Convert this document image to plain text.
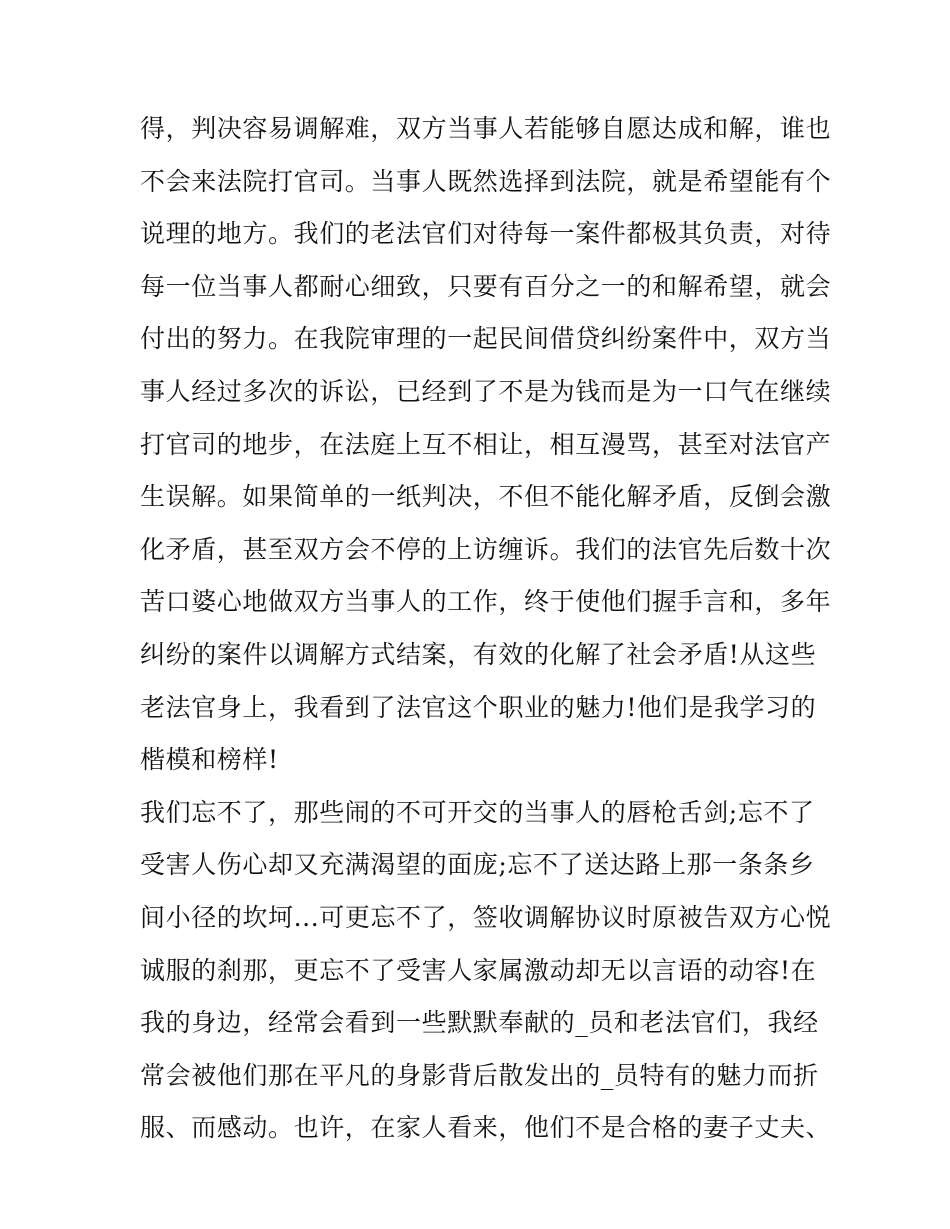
得，判决容易调解难，双方当事人若能够自愿达成和解，谁也
不会来法院打官司。当事人既然选择到法院，就是希望能有个
说理的地方。我们的老法官们对待每一案件都极其负责，对待
每一位当事人都耐心细致，只要有百分之一的和解希望，就会
付出的努力。在我院审理的一起民间借贷纠纷案件中，双方当
事人经过多次的诉讼，已经到了不是为钱而是为一口气在继续
打官司的地步，在法庭上互不相让，相互漫骂，甚至对法官产
生误解。如果简单的一纸判决，不但不能化解矛盾，反倒会激
化矛盾，甚至双方会不停的上访缠诉。我们的法官先后数十次
苦口婆心地做双方当事人的工作，终于使他们握手言和，多年
纠纷的案件以调解方式结案，有效的化解了社会矛盾!从这些
老法官身上，我看到了法官这个职业的魅力!他们是我学习的
楷模和榜样!
我们忘不了，那些闹的不可开交的当事人的唇枪舌剑;忘不了
受害人伤心却又充满渴望的面庞;忘不了送达路上那一条条乡
间小径的坎坷...可更忘不了，签收调解协议时原被告双方心悦
诚服的刹那，更忘不了受害人家属激动却无以言语的动容!在
我的身边，经常会看到一些默默奉献的_员和老法官们，我经
常会被他们那在平凡的身影背后散发出的_员特有的魅力而折
服、而感动。也许，在家人看来，他们不是合格的妻子丈夫、
